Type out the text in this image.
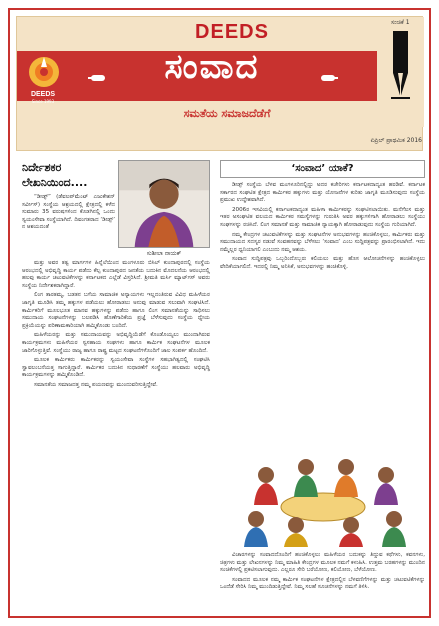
DEEDS
DEEDS
Since 1993
ಸಂವಾದ
ಸಮತೆಯ ಸಮಾಜದೆಡೆಗೆ
ಸಂಚಿಕೆ 1
ಏಪ್ರಿಲ್ ಪ್ರಾಥಮಿಕ 2016
ನಿರ್ದೇಶಕರ
ಲೇಖನಿಯಿಂದ....
ಸುಶೀಲಾ ನಾಯಕ್

“ಡೀಡ್ಸ್” (ಡೆವಲಪ್‌ಮೆಂಟ್ ಎಜುಕೇಶನ್ ಸರ್ವೀಸ್) ಸಂಸ್ಥೆಯ ಆಶ್ರಯದಲ್ಲಿ ಕ್ಷೇತ್ರದಲ್ಲಿ ಕಳೆದ ಸುಮಾರು 35 ವರುಷಗಳಿಂದ ಕೊಡಗಿನಲ್ಲಿ ಒಂದು ಸ್ವಯಂಸೇವಾ ಸಂಸ್ಥೆಯಾಗಿದೆ. ದಿವಂಗತರಾದ ‘ಡೀಡ್ಸ್’ ನ ಆಶಯದಂತೆ

ಮತ್ತು ಅವರ ತತ್ವ ಮಾರ್ಗಗಳ ಹಿನ್ನೆಲೆಯಿಂದ ಮಂಗಳೂರು ಬಿಸಿಲ್ ಕುಂದಾಪುರದಲ್ಲಿ ಸಂಸ್ಥೆಯ ಆರಂಭದಲ್ಲಿ ಅಭಿವೃದ್ಧಿ ಕಾರ್ಯ ಪಡೆದು ಕೆಲ್ಸ ಕುಂದಾಪುರದ ಜನತೆಯ ಬದುಕಿನ ಮೊದಲನೆಯ ಆರಂಭದಲ್ಲಿ ಹಲವು ಕಾರ್ಯ ಚಟುವಟಿಕೆಗಳನ್ನು ಕರ್ನಾಟಕದ ಎಲ್ಲೆಡೆ ವಿಸ್ತರಿಸಿದೆ. ಶ್ರೀಮತಿ ಮರ್ಸಿ ಮ್ಯಾಟ್‌ಗಸ್ ಅವರು ಸಂಸ್ಥೆಯ ನಿರ್ದೇಶಕರಾಗಿದ್ದಾರೆ.

ಲಿಂಗ ತಾರತಮ್ಯ, ಬಡತನ ಬಗೆಯ ಸಾಮಾಜಿಕ ಅನ್ಯಾಯಗಳು ಇಲ್ಲದಂತಿರುವ ವಿವಿಧ ಮಹಿಳೆಯರ ಜಾಗೃತಿ ಮೂಡಿಸಿ ತಮ್ಮ ಹಕ್ಕುಗಳ ಪಡೆಯಲು ಹೋರಾಡಲು ಅನುವು ಮಾಡುವ ಸಲುವಾಗಿ ಸಂಘಟಿಸಿದೆ. ಕಾರ್ಮಿಕರಿಗೆ ಮೂಲಭೂತ ಮಾನವ ಹಕ್ಕುಗಳನ್ನು ಪಡೆದು ಹಾಗೂ ಲಿಂಗ ಸಮಾನತೆಯನ್ನು ಸಾಧಿಸಲು ಸಮುದಾಯ ಸಂಘಟನೆಗಳನ್ನು ಬಲಪಡಿಸಿ ಹೊಣೆಗಾರಿಕೆಯ ಪ್ರಜ್ಞೆ ಬೆಳೆಸುವುದು ಸಂಸ್ಥೆಯ ಧ್ಯೇಯ ಪ್ರಕ್ರಿಯೆಯನ್ನು ಪರಿಣಾಮಕಾರಿಯಾಗಿ ಹಮ್ಮಿಕೊಂಡು ಬಂದಿದೆ.

ಮಹಿಳೆಯರನ್ನು ಮತ್ತು ಸಮುದಾಯವನ್ನು ಅಭಿವೃದ್ಧಿಯೆಡೆಗೆ ಕೊಂಡೊಯ್ಯಲು ಮುಂದಾಗಿರುವ ಕಾರ್ಯಕ್ರಮಗಳು ಮಹಿಳೆಯರ ಸ್ವಸಹಾಯ ಸಂಘಗಳು ಹಾಗೂ ಕಾರ್ಮಿಕ ಸಂಘಟನೆಗಳ ಮೂಲಕ ಜಾರಿಗೊಳ್ಳುತ್ತಿವೆ. ಸಂಸ್ಥೆಯು ರಾಜ್ಯ ಹಾಗೂ ರಾಷ್ಟ್ರ ಮಟ್ಟದ ಸಂಘಟನೆಗಳೊಂದಿಗೆ ಜಾಲ ಸಂಪರ್ಕ ಹೊಂದಿದೆ.

ಮೂಲಕ ಕಾರ್ಮಿಕರು ಕಾರ್ಮಿಕರನ್ನು ಸ್ವಯಂಸೇವಾ ಸಂಸ್ಥೆಗಳ ಸಹಭಾಗಿತ್ವದಲ್ಲಿ ಸಂಘಟಿಸಿ ಸ್ವಾವಲಂಬನೆಯತ್ತ ಸಾಗುತ್ತಿದ್ದಾರೆ. ಕಾರ್ಮಿಕರ ಬದುಕಿನ ಸುಧಾರಣೆಗೆ ಸಂಸ್ಥೆಯು ಹಲವಾರು ಅಭಿವೃದ್ಧಿ ಕಾರ್ಯಕ್ರಮಗಳನ್ನು ಹಮ್ಮಿಕೊಂಡಿದೆ.

ಸಮಾನತೆಯ ಸಮಾಜದತ್ತ ನಮ್ಮ ಪಯಣವನ್ನು ಮುಂದುವರಿಸುತ್ತಿದ್ದೇವೆ.

‘ಸಂವಾದ’ ಯಾಕೆ?

ಡೀಡ್ಸ್ ಸಂಸ್ಥೆಯ ಬೆಳವ ಮಂಗಳೂರಿನಲ್ಲಿದ್ದು ಅದರ ಕಚೇರಿಗಳು ಕರ್ನಾಟಕದಾದ್ಯಂತ ಹರಡಿವೆ. ಕರ್ನಾಟಕ ಸರ್ಕಾರದ ಸಂಘಟಿತ ಕ್ಷೇತ್ರದ ಕಾರ್ಮಿಕರ ಹಕ್ಕುಗಳು ಮತ್ತು ಯೋಜನೆಗಳ ಕುರಿತು ಜಾಗೃತಿ ಮೂಡಿಸುವುದು ಸಂಸ್ಥೆಯ ಪ್ರಮುಖ ಉದ್ದೇಶವಾಗಿದೆ.

2006ರ ಇಸವಿಯಲ್ಲಿ ಕರ್ನಾಟಕದಾದ್ಯಂತ ಮಹಿಳಾ ಕಾರ್ಮಿಕರನ್ನು ಸಂಘಟಿಸಲಾಯಿತು. ಮನೆಗೆಲಸ ಮತ್ತು ಇತರ ಅಸಂಘಟಿತ ವಲಯದ ಕಾರ್ಮಿಕರ ಸಮಸ್ಯೆಗಳನ್ನು ಗುರುತಿಸಿ ಅವರ ಹಕ್ಕುಗಳಿಗಾಗಿ ಹೋರಾಡಲು ಸಂಸ್ಥೆಯು ಸಂಘಗಳನ್ನು ರಚಿಸಿದೆ. ಲಿಂಗ ಸಮಾನತೆ ಮತ್ತು ಸಾಮಾಜಿಕ ನ್ಯಾಯಕ್ಕಾಗಿ ಹೋರಾಡುವುದು ಸಂಸ್ಥೆಯ ಗುರಿಯಾಗಿದೆ.

ನಮ್ಮ ಕೇಂದ್ರಗಳ ಚಟುವಟಿಕೆಗಳನ್ನು ಮತ್ತು ಸಂಘಟನೆಗಳ ಅನುಭವಗಳನ್ನು ಹಂಚಿಕೊಳ್ಳಲು, ಕಾರ್ಮಿಕರು ಮತ್ತು ಸಮುದಾಯದ ಸದಸ್ಯರ ನಡುವೆ ಸಂವಹನವನ್ನು ಬೆಳೆಸಲು ‘ಸಂವಾದ’ ಎಂಬ ಸುದ್ದಿಪತ್ರವನ್ನು ಪ್ರಾರಂಭಿಸಲಾಗಿದೆ. ಇದು ನಮ್ಮೆಲ್ಲರ ಧ್ವನಿಯಾಗಲಿ ಎಂಬುದು ನಮ್ಮ ಆಶಯ.

ಸಂವಾದ ಸುದ್ದಿಪತ್ರವು ಒಬ್ಬರಿಂದೊಬ್ಬರು ಕಲಿಯಲು ಮತ್ತು ಹೊಸ ಆಲೋಚನೆಗಳನ್ನು ಹಂಚಿಕೊಳ್ಳಲು ವೇದಿಕೆಯಾಗಲಿದೆ. ಇದರಲ್ಲಿ ನಿಮ್ಮ ಅನಿಸಿಕೆ, ಅನುಭವಗಳನ್ನು ಹಂಚಿಕೊಳ್ಳಿ.

ವಿಚಾರಗಳನ್ನು ಸಂವಾದದೊಂದಿಗೆ ಹಂಚಿಕೊಳ್ಳಲು ಮಹಿಳೆಯರ ಬದುಕನ್ನು ತಿದ್ದುವ ಕಥೆಗಳು, ಕವನಗಳು, ಚಿತ್ರಗಳು ಮತ್ತು ಲೇಖನಗಳನ್ನು ನಿಮ್ಮ ಮಾಹಿತಿ ಕೇಂದ್ರಗಳ ಮೂಲಕ ನಮಗೆ ಕಳುಹಿಸಿ. ಉತ್ತಮ ಬರಹಗಳನ್ನು ಮುಂದಿನ ಸಂಚಿಕೆಗಳಲ್ಲಿ ಪ್ರಕಟಿಸಲಾಗುವುದು. ಎಲ್ಲರೂ ಸೇರಿ ಬರೆಯೋಣ, ಕಲಿಯೋಣ, ಬೆಳೆಯೋಣ.

ಸಂವಾದದ ಮೂಲಕ ನಮ್ಮ ಕಾರ್ಮಿಕ ಸಂಘಟನೆಗಳ ಕ್ಷೇತ್ರದಲ್ಲಿನ ಬೆಳವಣಿಗೆಗಳನ್ನು ಮತ್ತು ಚಟುವಟಿಕೆಗಳನ್ನು ಒಂದೆಡೆ ಸೇರಿಸಿ ನಿಮ್ಮ ಮುಂದಿಡುತ್ತಿದ್ದೇವೆ. ನಿಮ್ಮ ಸಲಹೆ ಸೂಚನೆಗಳನ್ನು ನಮಗೆ ತಿಳಿಸಿ.
